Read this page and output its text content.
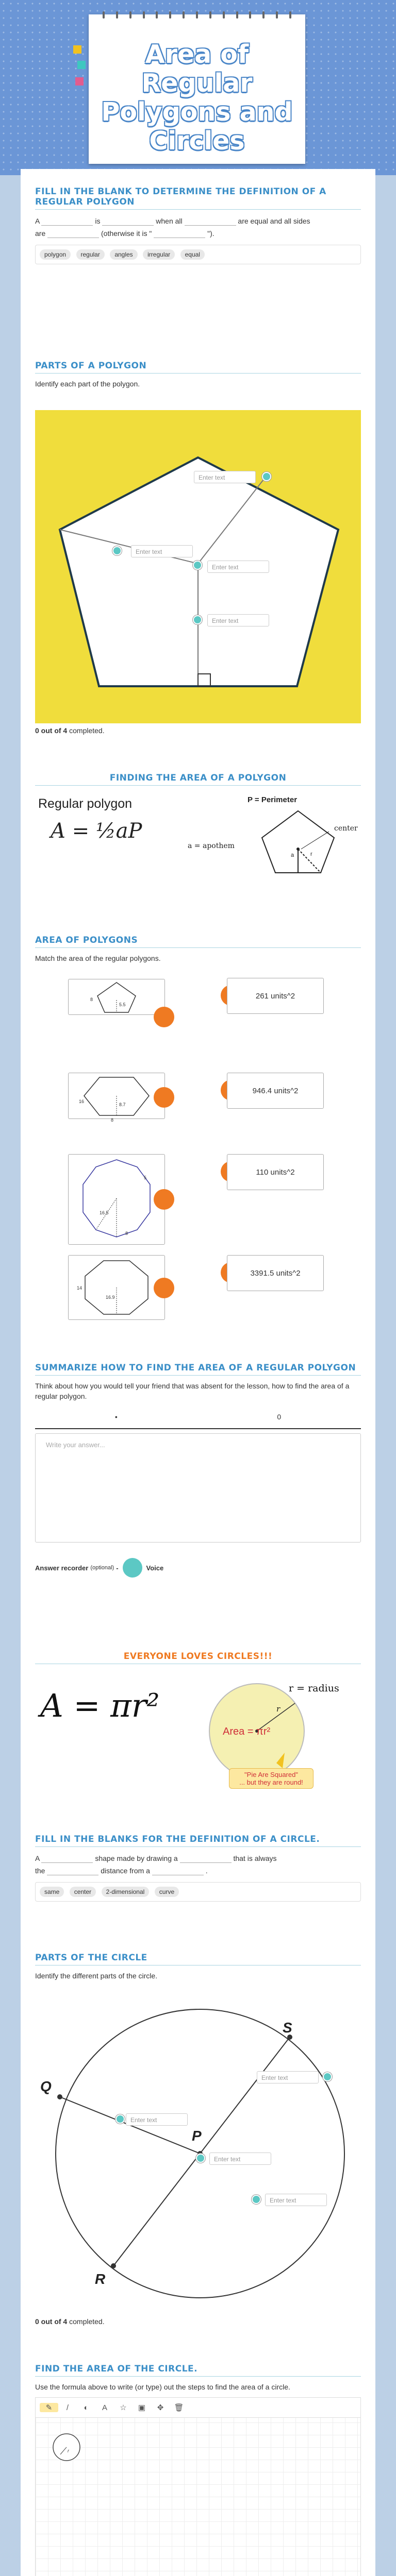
Area of Regular Polygons and Circles
FILL IN THE BLANK TO DETERMINE THE DEFINITION OF A REGULAR POLYGON
A	is	when all	are equal and all sides
are	(otherwise it is "	").
polygon regular angles irregular equal
PARTS OF A POLYGON
Identify each part of the polygon.
Enter text
Enter text
Enter text
Enter text
0 out of 4 completed.
FINDING THE AREA OF A POLYGON
Regular polygon
A = ½aP
P = Perimeter
a	r
a = apothem
center
AREA OF POLYGONS
Match the area of the regular polygons.
8
5.5
261 units^2
16
8.7
8
946.4 units^2
5
16.5
8
110 units^2
14
16.9
3391.5 units^2
SUMMARIZE HOW TO FIND THE AREA OF A REGULAR POLYGON
Think about how you would tell your friend that was absent for the lesson, how to find the area of a regular polygon.
•	0
Write your answer...
Answer recorder (optional) -	Voice
EVERYONE LOVES CIRCLES!!!
A = πr²	r = radius
r
Area = πr²
"Pie Are Squared"
... but they are round!
FILL IN THE BLANKS FOR THE DEFINITION OF A CIRCLE.
A	shape made by drawing a	that is always
the	distance from a	.
same center 2-dimensional curve
PARTS OF THE CIRCLE
Identify the different parts of the circle.
S
Q
P
R
Enter text
Enter text
Enter text
Enter text
0 out of 4 completed.
FIND THE AREA OF THE CIRCLE.
Use the formula above to write (or type) out the steps to find the area of a circle.
✎	/	◐	A	☆	▣	✥	🗑
r
